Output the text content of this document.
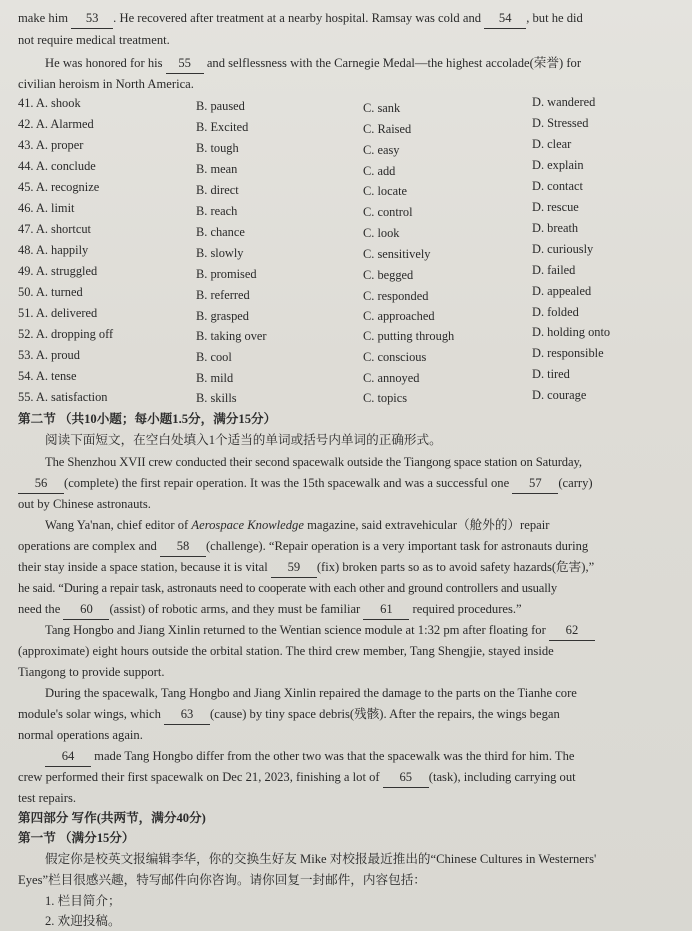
make him 53 . He recovered after treatment at a nearby hospital. Ramsay was cold and 54 , but he did
not require medical treatment.
He was honored for his 55 and selflessness with the Carnegie Medal—the highest accolade(荣誉) for
civilian heroism in North America.
41. A. shook	B. paused	C. sank	D. wandered
42. A. Alarmed	B. Excited	C. Raised	D. Stressed
43. A. proper	B. tough	C. easy	D. clear
44. A. conclude	B. mean	C. add	D. explain
45. A. recognize	B. direct	C. locate	D. contact
46. A. limit	B. reach	C. control	D. rescue
47. A. shortcut	B. chance	C. look	D. breath
48. A. happily	B. slowly	C. sensitively	D. curiously
49. A. struggled	B. promised	C. begged	D. failed
50. A. turned	B. referred	C. responded	D. appealed
51. A. delivered	B. grasped	C. approached	D. folded
52. A. dropping off	B. taking over	C. putting through	D. holding onto
53. A. proud	B. cool	C. conscious	D. responsible
54. A. tense	B. mild	C. annoyed	D. tired
55. A. satisfaction	B. skills	C. topics	D. courage
第二节 （共10小题；每小题1.5分，满分15分）
阅读下面短文，在空白处填入1个适当的单词或括号内单词的正确形式。
The Shenzhou XVII crew conducted their second spacewalk outside the Tiangong space station on Saturday,
56 (complete) the first repair operation. It was the 15th spacewalk and was a successful one 57 (carry)
out by Chinese astronauts.
Wang Ya'nan, chief editor of Aerospace Knowledge magazine, said extravehicular（舱外的）repair
operations are complex and 58 (challenge). “Repair operation is a very important task for astronauts during
their stay inside a space station, because it is vital 59 (fix) broken parts so as to avoid safety hazards(危害),”
he said. “During a repair task, astronauts need to cooperate with each other and ground controllers and usually
need the 60 (assist) of robotic arms, and they must be familiar 61 required procedures.”
Tang Hongbo and Jiang Xinlin returned to the Wentian science module at 1:32 pm after floating for 62
(approximate) eight hours outside the orbital station. The third crew member, Tang Shengjie, stayed inside
Tiangong to provide support.
During the spacewalk, Tang Hongbo and Jiang Xinlin repaired the damage to the parts on the Tianhe core
module's solar wings, which 63 (cause) by tiny space debris(残骸). After the repairs, the wings began
normal operations again.
64 made Tang Hongbo differ from the other two was that the spacewalk was the third for him. The
crew performed their first spacewalk on Dec 21, 2023, finishing a lot of 65 (task), including carrying out
test repairs.
第四部分 写作(共两节，满分40分)
第一节 （满分15分）
假定你是校英文报编辑李华，你的交换生好友 Mike 对校报最近推出的“Chinese Cultures in Westerners'
Eyes”栏目很感兴趣，特写邮件向你咨询。请你回复一封邮件，内容包括：
1. 栏目简介；
2. 欢迎投稿。
